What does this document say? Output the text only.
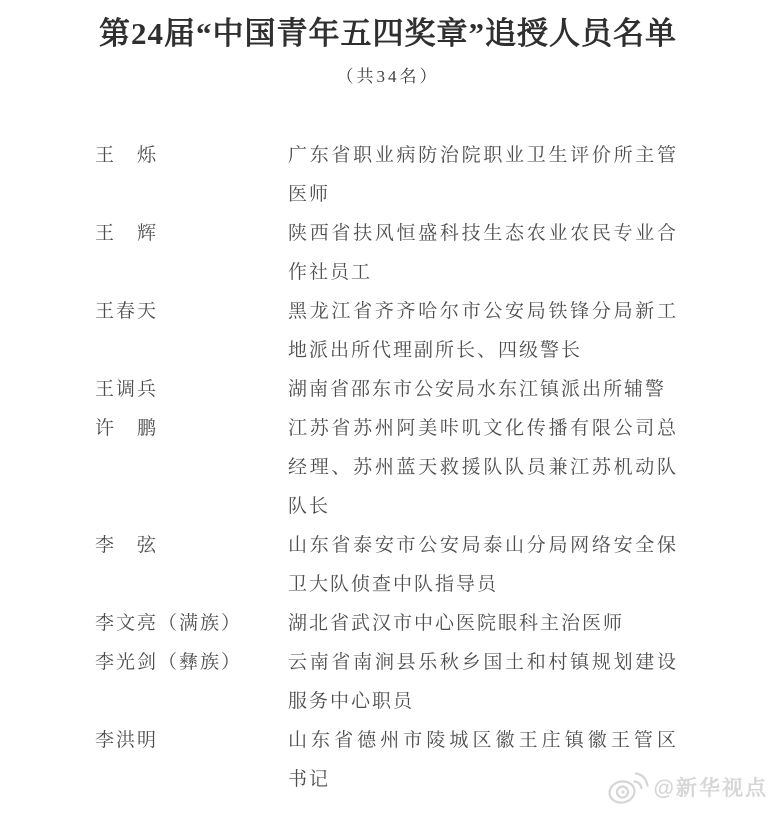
第24届“中国青年五四奖章”追授人员名单
（共34名）
王　烁	广东省职业病防治院职业卫生评价所主管
医师
王　辉	陕西省扶风恒盛科技生态农业农民专业合
作社员工
王春天	黑龙江省齐齐哈尔市公安局铁锋分局新工
地派出所代理副所长、四级警长
王调兵	湖南省邵东市公安局水东江镇派出所辅警
许　鹏	江苏省苏州阿美咔叽文化传播有限公司总
经理、苏州蓝天救援队队员兼江苏机动队
队长
李　弦	山东省泰安市公安局泰山分局网络安全保
卫大队侦查中队指导员
李文亮（满族）	湖北省武汉市中心医院眼科主治医师
李光剑（彝族）	云南省南涧县乐秋乡国土和村镇规划建设
服务中心职员
李洪明	山东省德州市陵城区徽王庄镇徽王管区
书记	@新华视点
